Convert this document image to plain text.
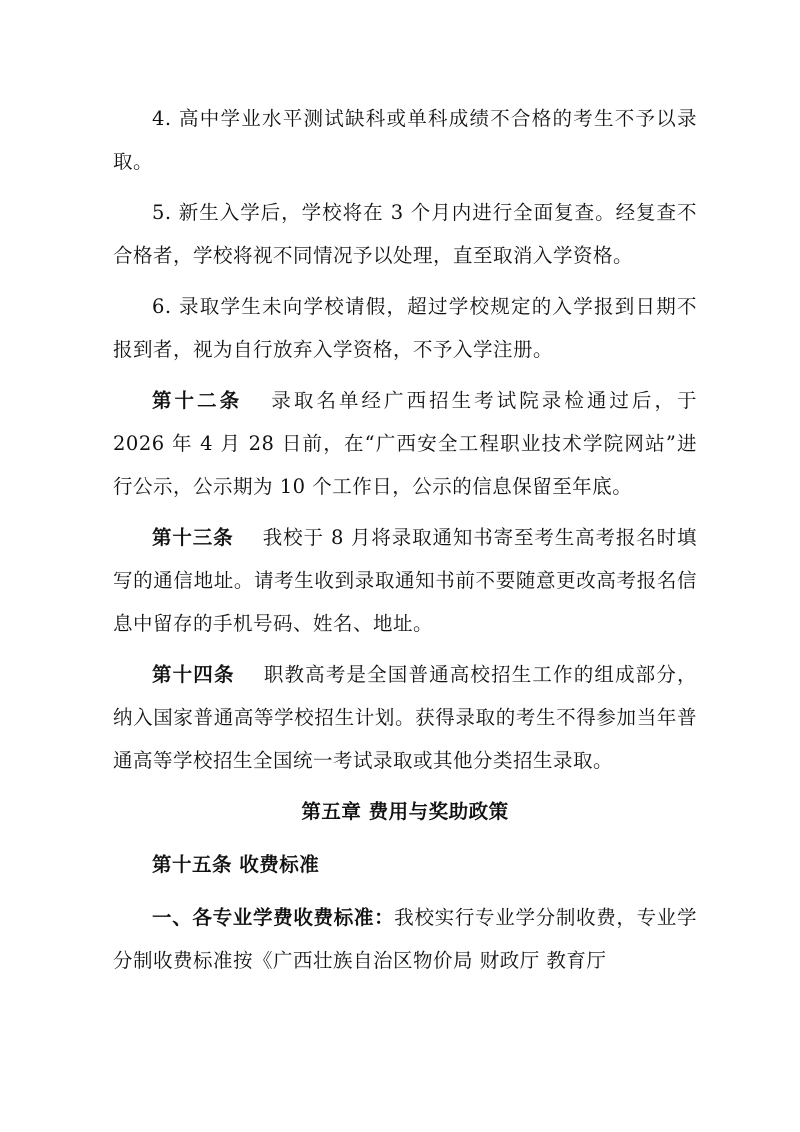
4. 高中学业水平测试缺科或单科成绩不合格的考生不予以录取。

5. 新生入学后，学校将在 3 个月内进行全面复查。经复查不合格者，学校将视不同情况予以处理，直至取消入学资格。

6. 录取学生未向学校请假，超过学校规定的入学报到日期不报到者，视为自行放弃入学资格，不予入学注册。

第十二条 录取名单经广西招生考试院录检通过后，于 2026 年 4 月 28 日前，在“广西安全工程职业技术学院网站”进行公示，公示期为 10 个工作日，公示的信息保留至年底。

第十三条 我校于 8 月将录取通知书寄至考生高考报名时填写的通信地址。请考生收到录取通知书前不要随意更改高考报名信息中留存的手机号码、姓名、地址。

第十四条 职教高考是全国普通高校招生工作的组成部分，纳入国家普通高等学校招生计划。获得录取的考生不得参加当年普通高等学校招生全国统一考试录取或其他分类招生录取。

第五章 费用与奖助政策
第十五条 收费标准

一、各专业学费收费标准：我校实行专业学分制收费，专业学分制收费标准按《广西壮族自治区物价局 财政厅 教育厅
